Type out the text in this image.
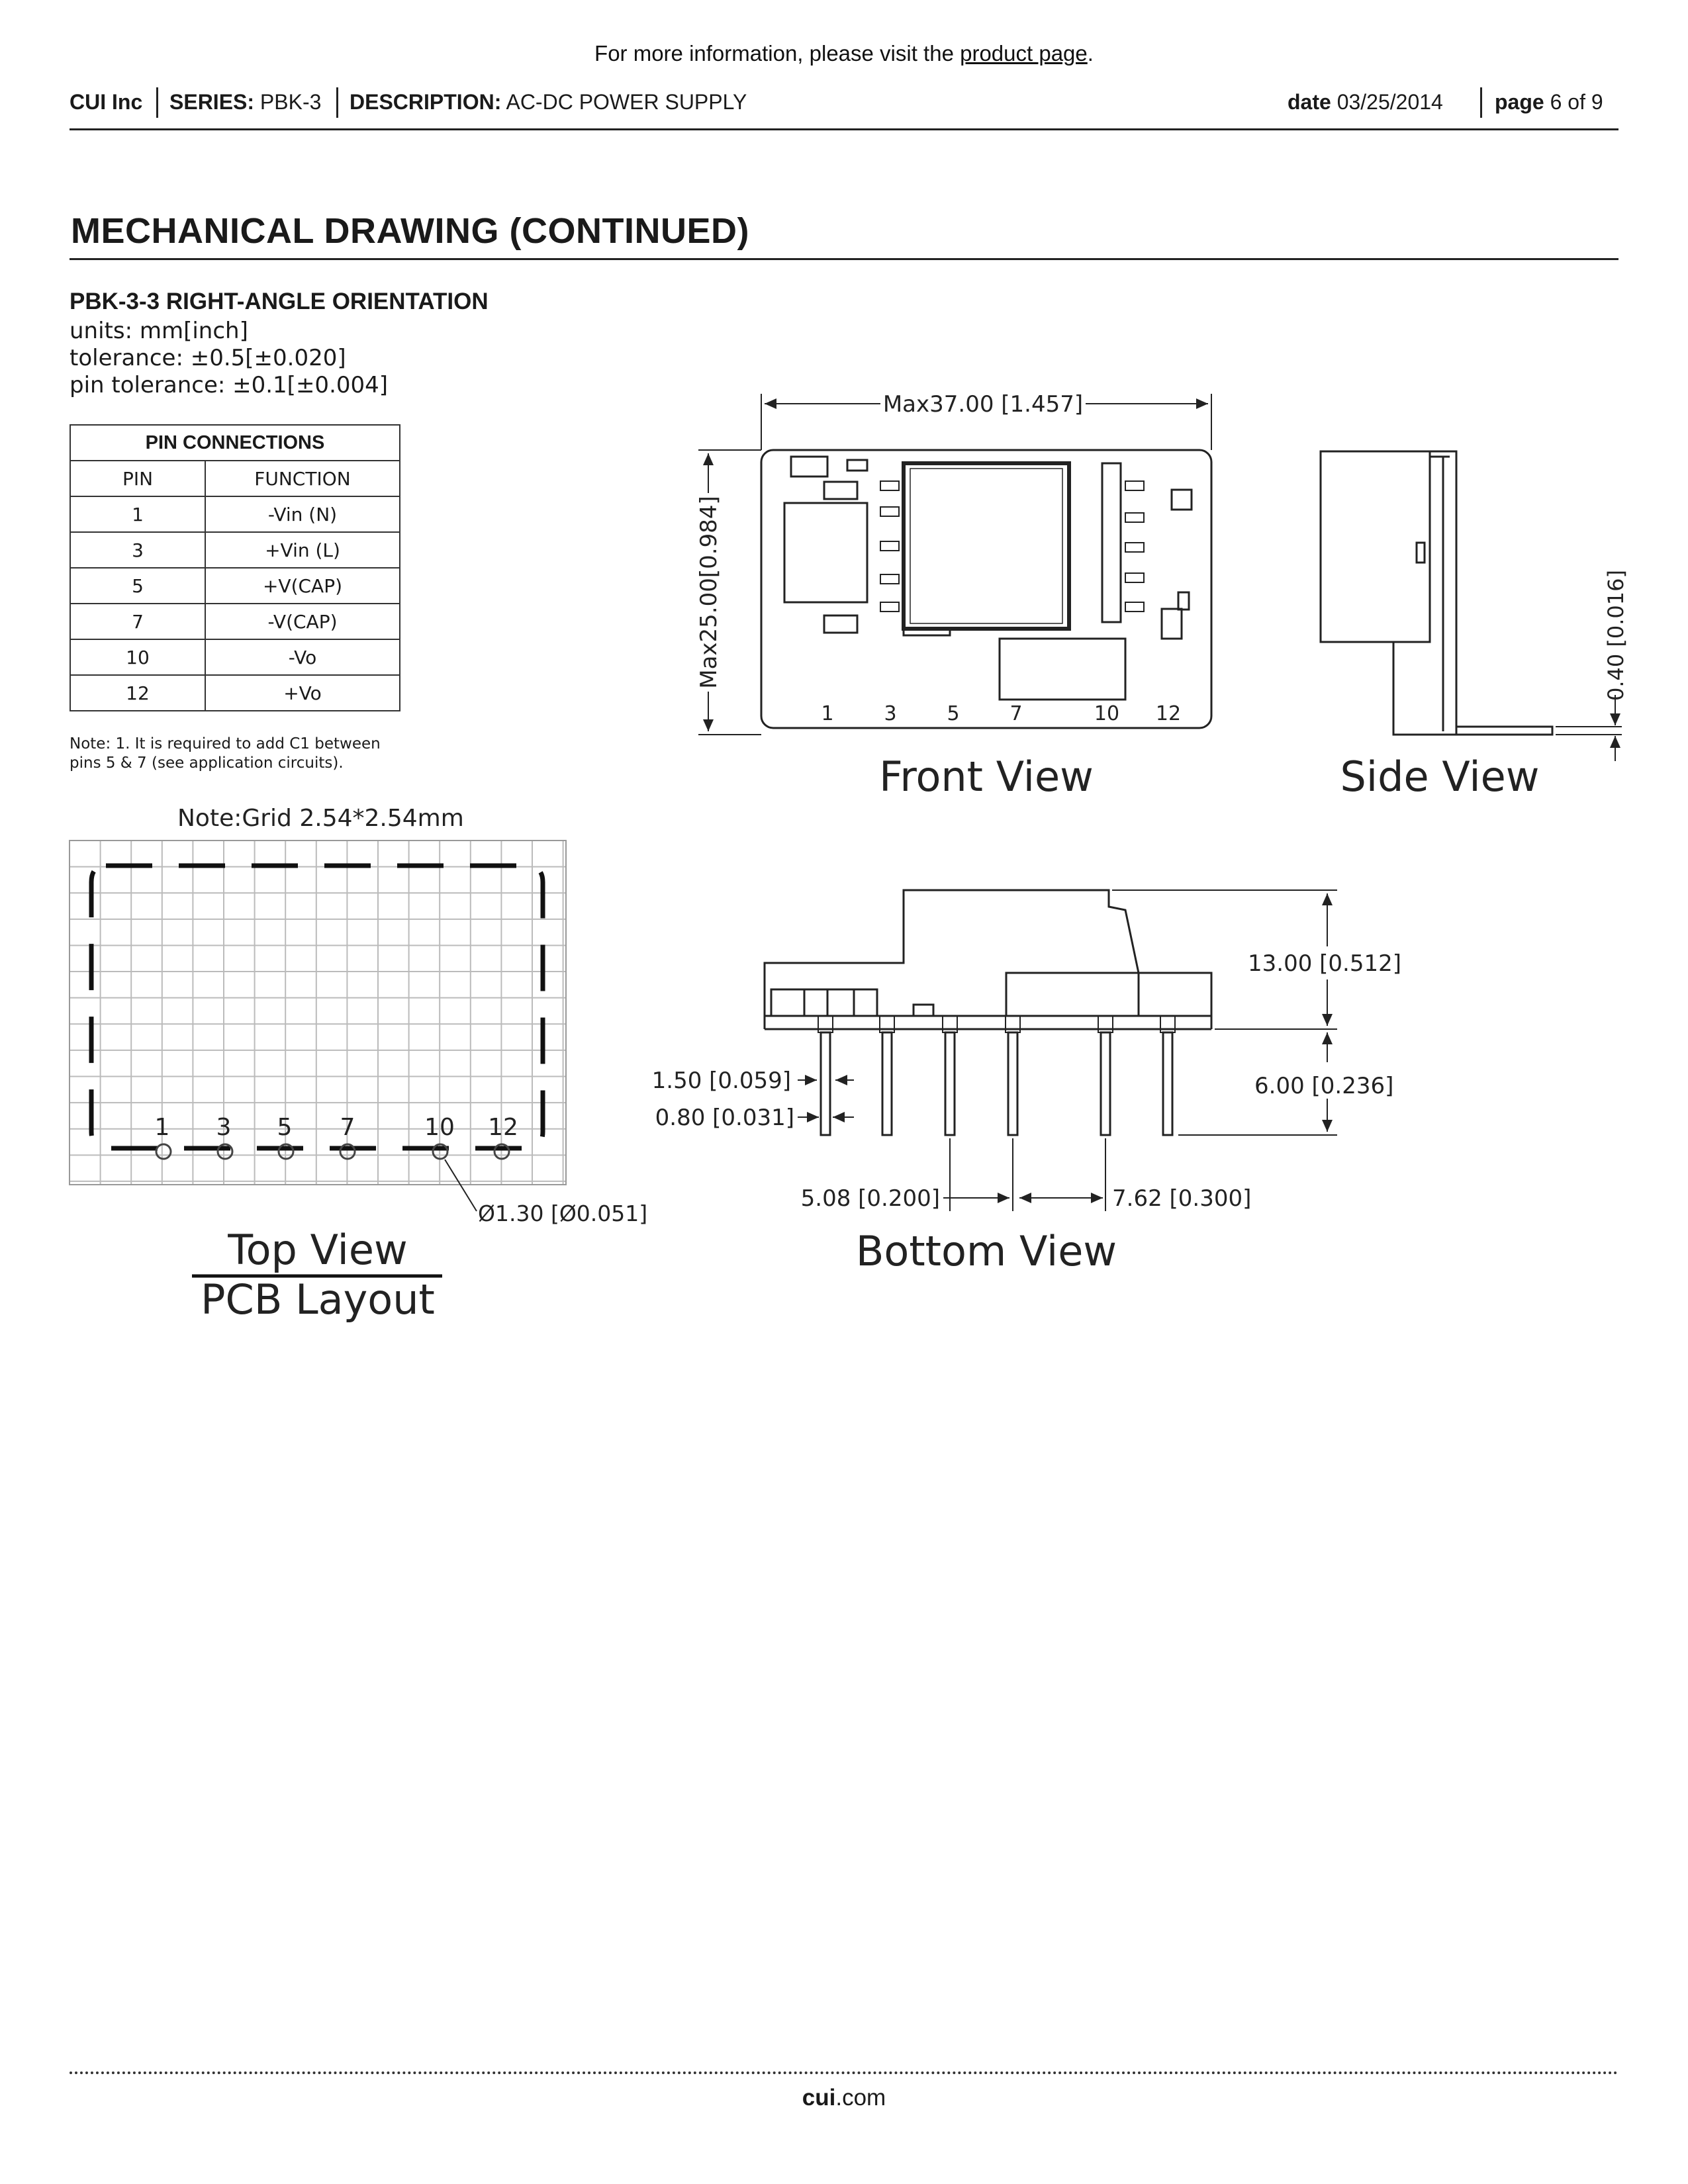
For more information, please visit the product page.
CUI Inc SERIES: PBK-3 DESCRIPTION: AC-DC POWER SUPPLY	date 03/25/2014 page 6 of 9
MECHANICAL DRAWING (CONTINUED)
PBK-3-3 RIGHT-ANGLE ORIENTATION
units: mm[inch]
tolerance: ±0.5[±0.020]
pin tolerance: ±0.1[±0.004]
PIN CONNECTIONS	
PIN	FUNCTION
1	-Vin (N)
3	+Vin (L)
5	+V(CAP)
7	-V(CAP)
10	-Vo
12	+Vo
Note: 1. It is required to add C1 between
pins 5 & 7 (see application circuits).
Note:Grid 2.54*2.54mm
1 3 5 7	10 12
Ø1.30 [Ø0.051]
Top View
PCB Layout
1	3	5	7	10 12
Max37.00 [1.457]
Max25.00[0.984]
Front View
0.40 [0.016]
Side View
13.00 [0.512]
6.00 [0.236]
1.50 [0.059]
0.80 [0.031]
5.08 [0.200]	7.62 [0.300]
Bottom View
cui.com
